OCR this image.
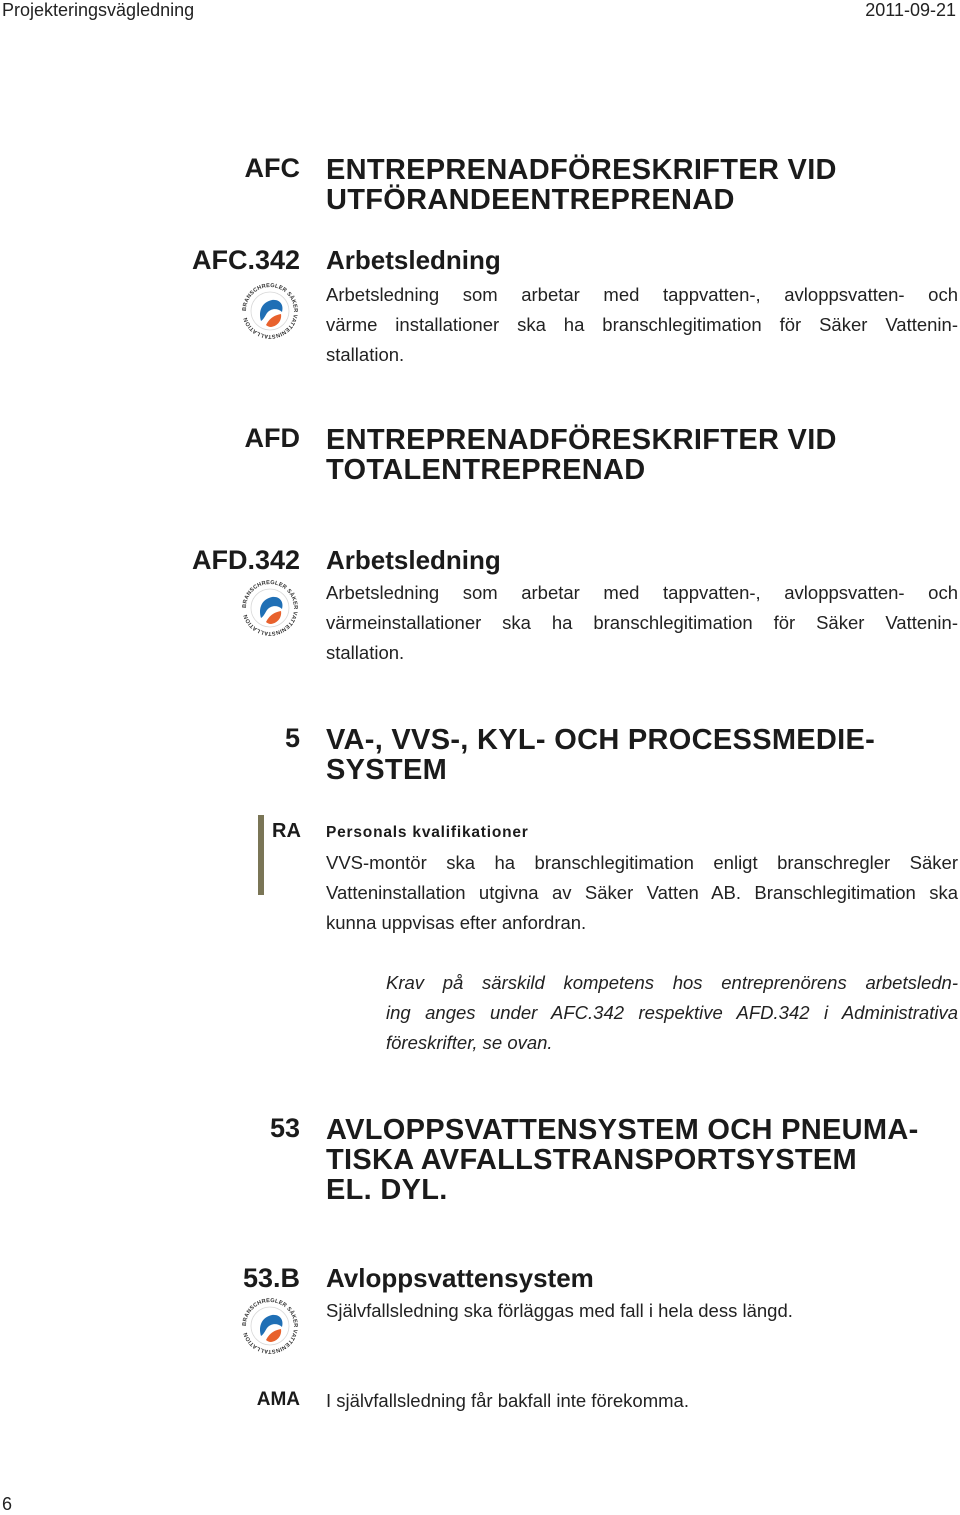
Projekteringsvägledning	2011-09-21
AFC ENTREPRENADFÖRESKRIFTER VID
UTFÖRANDEENTREPRENAD
AFC.342 Arbetsledning
BRANSCHREGLER SÄKER VATTENINSTALLATION
Arbetsledning som arbetar med tappvatten-, avloppsvatten- och
värme installationer ska ha branschlegitimation för Säker Vattenin-
stallation.
AFD ENTREPRENADFÖRESKRIFTER VID
TOTALENTREPRENAD
AFD.342 Arbetsledning
BRANSCHREGLER SÄKER VATTENINSTALLATION
Arbetsledning som arbetar med tappvatten-, avloppsvatten- och
värmeinstallationer ska ha branschlegitimation för Säker Vattenin-
stallation.
5 VA-, VVS-, KYL- OCH PROCESSMEDIE-
SYSTEM
RA Personals kvalifikationer
VVS-montör ska ha branschlegitimation enligt branschregler Säker
Vatteninstallation utgivna av Säker Vatten AB. Branschlegitimation ska
kunna uppvisas efter anfordran.
Krav på särskild kompetens hos entreprenörens arbetsledn-
ing anges under AFC.342 respektive AFD.342 i Administrativa
föreskrifter, se ovan.
53 AVLOPPSVATTENSYSTEM OCH PNEUMA-
TISKA AVFALLSTRANSPORTSYSTEM
EL. DYL.
53.B Avloppsvattensystem
BRANSCHREGLER SÄKER VATTENINSTALLATION
Självfallsledning ska förläggas med fall i hela dess längd.
AMA I självfallsledning får bakfall inte förekomma.
6
